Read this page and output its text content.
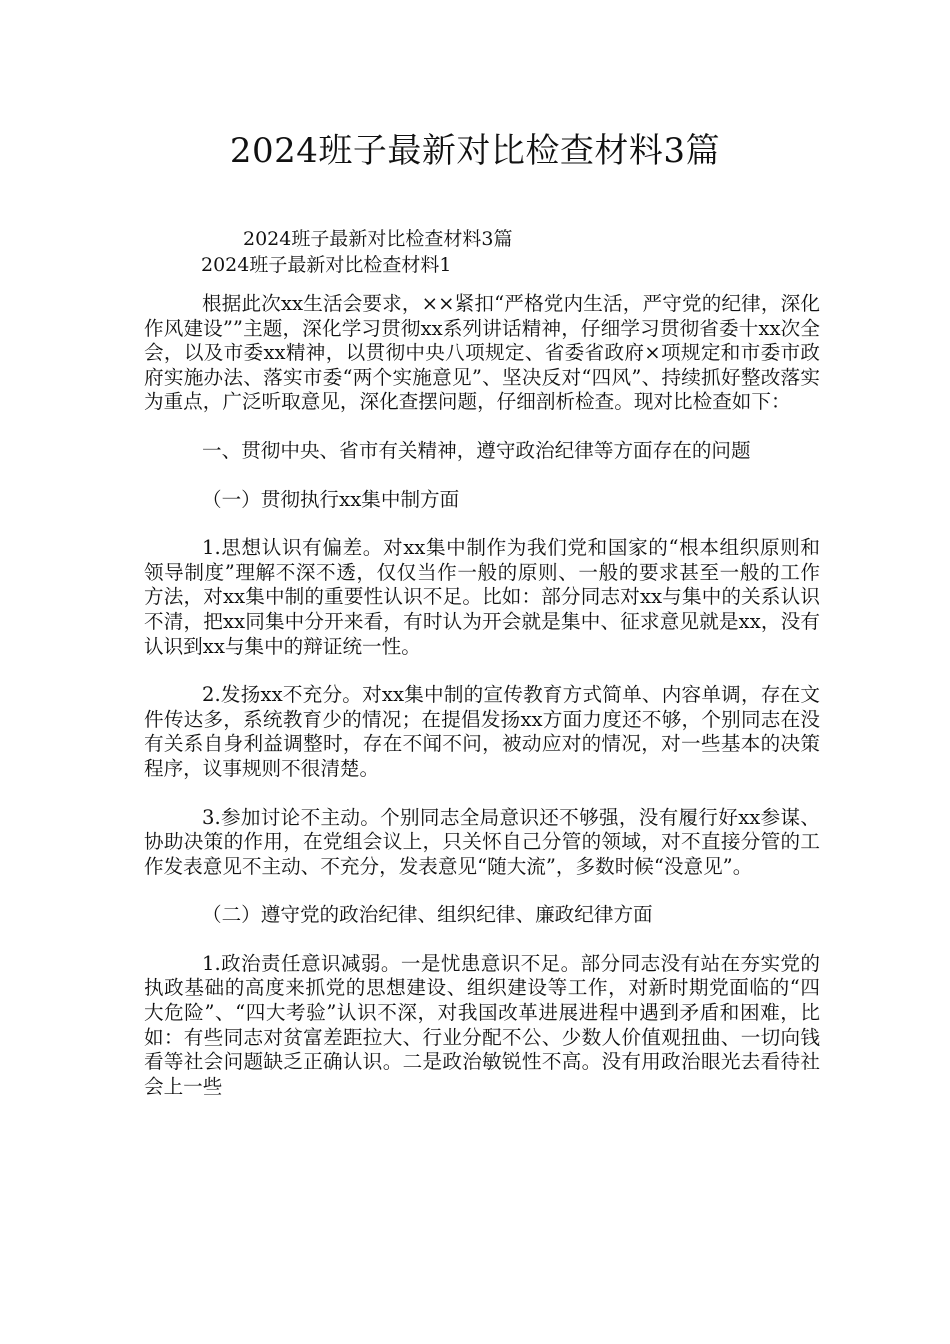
2024班子最新对比检查材料3篇

2024班子最新对比检查材料3篇

2024班子最新对比检查材料1

根据此次xx生活会要求，××紧扣“严格党内生活，严守党的纪律，深化作风建设””主题，深化学习贯彻xx系列讲话精神，仔细学习贯彻省委十xx次全会，以及市委xx精神，以贯彻中央八项规定、省委省政府×项规定和市委市政府实施办法、落实市委“两个实施意见”、坚决反对“四风”、持续抓好整改落实为重点，广泛听取意见，深化查摆问题，仔细剖析检查。现对比检查如下：

一、贯彻中央、省市有关精神，遵守政治纪律等方面存在的问题

（一）贯彻执行xx集中制方面

1.思想认识有偏差。对xx集中制作为我们党和国家的“根本组织原则和领导制度”理解不深不透，仅仅当作一般的原则、一般的要求甚至一般的工作方法，对xx集中制的重要性认识不足。比如：部分同志对xx与集中的关系认识不清，把xx同集中分开来看，有时认为开会就是集中、征求意见就是xx，没有认识到xx与集中的辩证统一性。

2.发扬xx不充分。对xx集中制的宣传教育方式简单、内容单调，存在文件传达多，系统教育少的情况；在提倡发扬xx方面力度还不够，个别同志在没有关系自身利益调整时，存在不闻不问，被动应对的情况，对一些基本的决策程序，议事规则不很清楚。

3.参加讨论不主动。个别同志全局意识还不够强，没有履行好xx参谋、协助决策的作用，在党组会议上，只关怀自己分管的领域，对不直接分管的工作发表意见不主动、不充分，发表意见“随大流”，多数时候“没意见”。

（二）遵守党的政治纪律、组织纪律、廉政纪律方面

1.政治责任意识减弱。一是忧患意识不足。部分同志没有站在夯实党的执政基础的高度来抓党的思想建设、组织建设等工作，对新时期党面临的“四大危险”、“四大考验”认识不深，对我国改革进展进程中遇到矛盾和困难，比如：有些同志对贫富差距拉大、行业分配不公、少数人价值观扭曲、一切向钱看等社会问题缺乏正确认识。二是政治敏锐性不高。没有用政治眼光去看待社会上一些
